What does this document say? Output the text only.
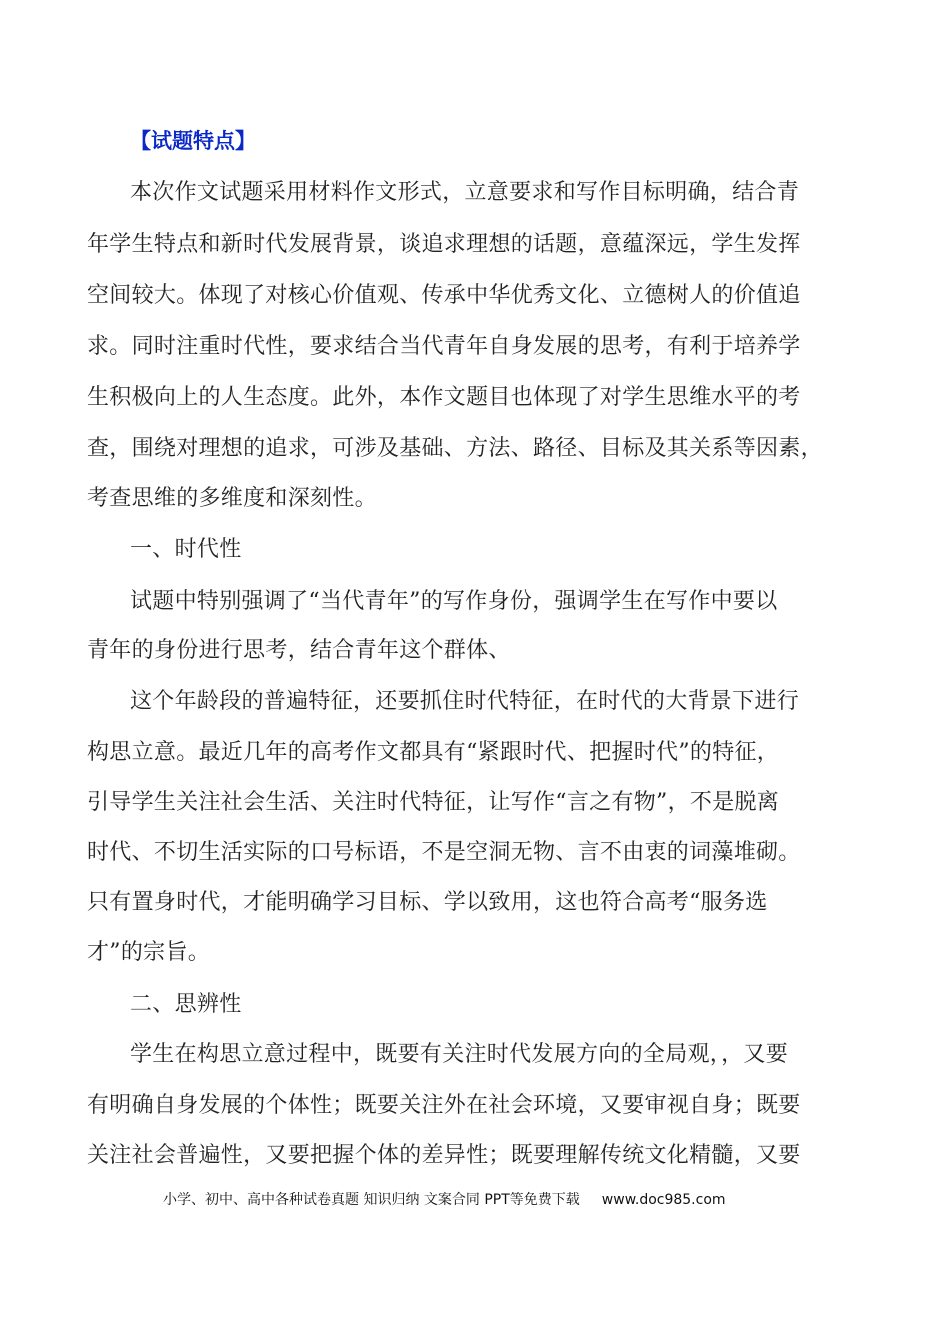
【试题特点】
本次作文试题采用材料作文形式，立意要求和写作目标明确，结合青
年学生特点和新时代发展背景，谈追求理想的话题，意蕴深远，学生发挥
空间较大。体现了对核心价值观、传承中华优秀文化、立德树人的价值追
求。同时注重时代性，要求结合当代青年自身发展的思考，有利于培养学
生积极向上的人生态度。此外，本作文题目也体现了对学生思维水平的考
查，围绕对理想的追求，可涉及基础、方法、路径、目标及其关系等因素，
考查思维的多维度和深刻性。
一、时代性
试题中特别强调了“当代青年”的写作身份，强调学生在写作中要以
青年的身份进行思考，结合青年这个群体、
这个年龄段的普遍特征，还要抓住时代特征，在时代的大背景下进行
构思立意。最近几年的高考作文都具有“紧跟时代、把握时代”的特征，
引导学生关注社会生活、关注时代特征，让写作“言之有物”，不是脱离
时代、不切生活实际的口号标语，不是空洞无物、言不由衷的词藻堆砌。
只有置身时代，才能明确学习目标、学以致用，这也符合高考“服务选
才”的宗旨。
二、思辨性
学生在构思立意过程中，既要有关注时代发展方向的全局观，，又要
有明确自身发展的个体性；既要关注外在社会环境，又要审视自身；既要
关注社会普遍性，又要把握个体的差异性；既要理解传统文化精髓，又要
小学、初中、高中各种试卷真题 知识归纳 文案合同 PPT等免费下载 www.doc985.com
